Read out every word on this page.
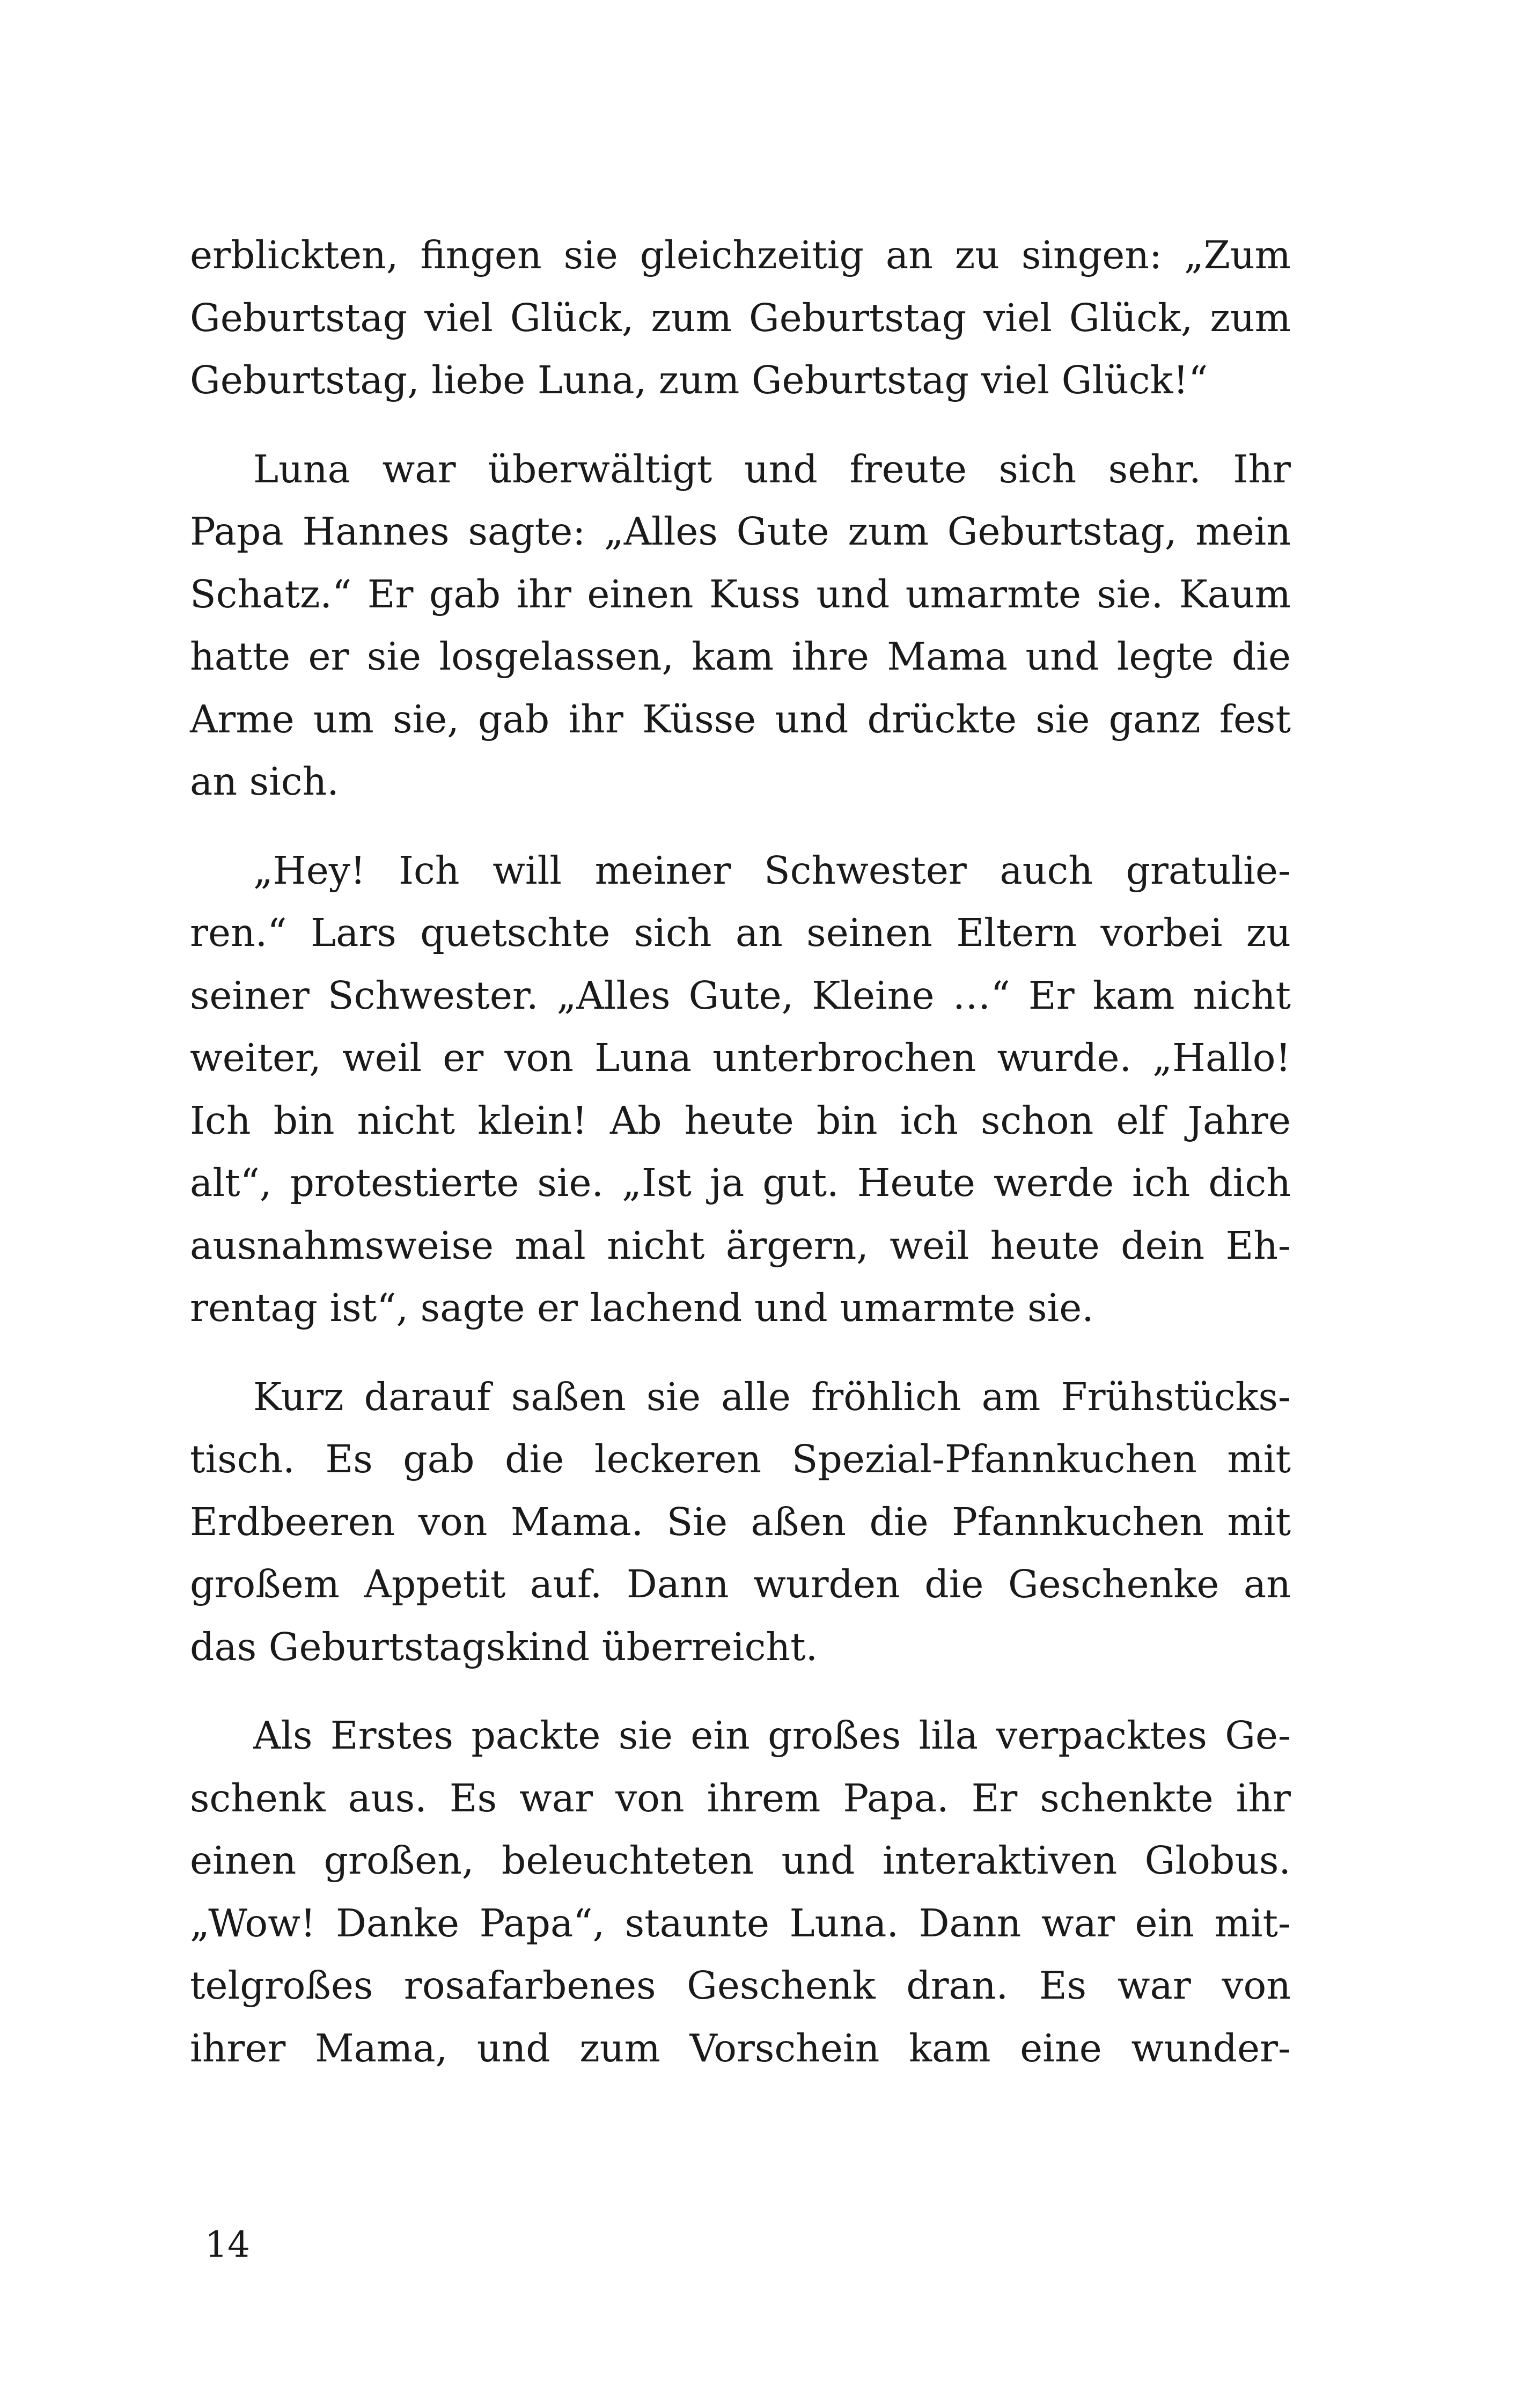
erblickten, fingen sie gleichzeitig an zu singen: „Zum
Geburtstag viel Glück, zum Geburtstag viel Glück, zum
Geburtstag, liebe Luna, zum Geburtstag viel Glück!“
Luna war überwältigt und freute sich sehr. Ihr
Papa Hannes sagte: „Alles Gute zum Geburtstag, mein
Schatz.“ Er gab ihr einen Kuss und umarmte sie. Kaum
hatte er sie losgelassen, kam ihre Mama und legte die
Arme um sie, gab ihr Küsse und drückte sie ganz fest
an sich.
„Hey! Ich will meiner Schwester auch gratulie-
ren.“ Lars quetschte sich an seinen Eltern vorbei zu
seiner Schwester. „Alles Gute, Kleine …“ Er kam nicht
weiter, weil er von Luna unterbrochen wurde. „Hallo!
Ich bin nicht klein! Ab heute bin ich schon elf Jahre
alt“, protestierte sie. „Ist ja gut. Heute werde ich dich
ausnahmsweise mal nicht ärgern, weil heute dein Eh-
rentag ist“, sagte er lachend und umarmte sie.
Kurz darauf saßen sie alle fröhlich am Frühstücks-
tisch. Es gab die leckeren Spezial-Pfannkuchen mit
Erdbeeren von Mama. Sie aßen die Pfannkuchen mit
großem Appetit auf. Dann wurden die Geschenke an
das Geburtstagskind überreicht.
Als Erstes packte sie ein großes lila verpacktes Ge-
schenk aus. Es war von ihrem Papa. Er schenkte ihr
einen großen, beleuchteten und interaktiven Globus.
„Wow! Danke Papa“, staunte Luna. Dann war ein mit-
telgroßes rosafarbenes Geschenk dran. Es war von
ihrer Mama, und zum Vorschein kam eine wunder-
14
